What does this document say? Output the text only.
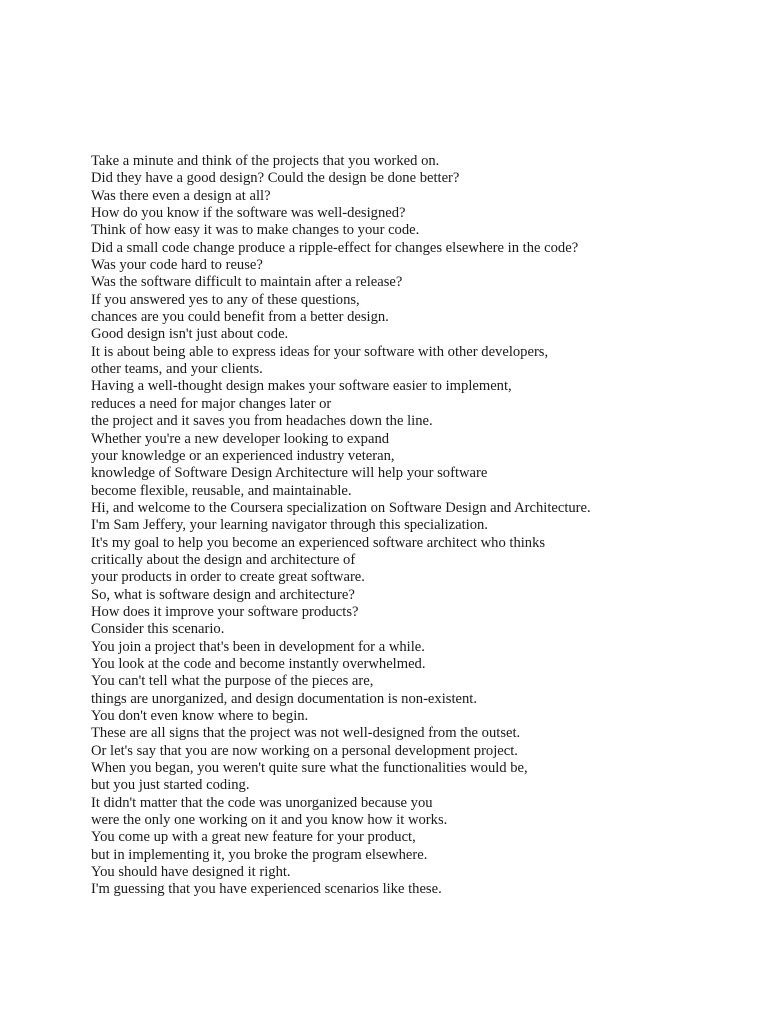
Take a minute and think of the projects that you worked on.
Did they have a good design? Could the design be done better?
Was there even a design at all?
How do you know if the software was well-designed?
Think of how easy it was to make changes to your code.
Did a small code change produce a ripple-effect for changes elsewhere in the code?
Was your code hard to reuse?
Was the software difficult to maintain after a release?
If you answered yes to any of these questions,
chances are you could benefit from a better design.
Good design isn't just about code.
It is about being able to express ideas for your software with other developers,
other teams, and your clients.
Having a well-thought design makes your software easier to implement,
reduces a need for major changes later or
the project and it saves you from headaches down the line.
Whether you're a new developer looking to expand
your knowledge or an experienced industry veteran,
knowledge of Software Design Architecture will help your software
become flexible, reusable, and maintainable.
Hi, and welcome to the Coursera specialization on Software Design and Architecture.
I'm Sam Jeffery, your learning navigator through this specialization.
It's my goal to help you become an experienced software architect who thinks
critically about the design and architecture of
your products in order to create great software.
So, what is software design and architecture?
How does it improve your software products?
Consider this scenario.
You join a project that's been in development for a while.
You look at the code and become instantly overwhelmed.
You can't tell what the purpose of the pieces are,
things are unorganized, and design documentation is non-existent.
You don't even know where to begin.
These are all signs that the project was not well-designed from the outset.
Or let's say that you are now working on a personal development project.
When you began, you weren't quite sure what the functionalities would be,
but you just started coding.
It didn't matter that the code was unorganized because you
were the only one working on it and you know how it works.
You come up with a great new feature for your product,
but in implementing it, you broke the program elsewhere.
You should have designed it right.
I'm guessing that you have experienced scenarios like these.
